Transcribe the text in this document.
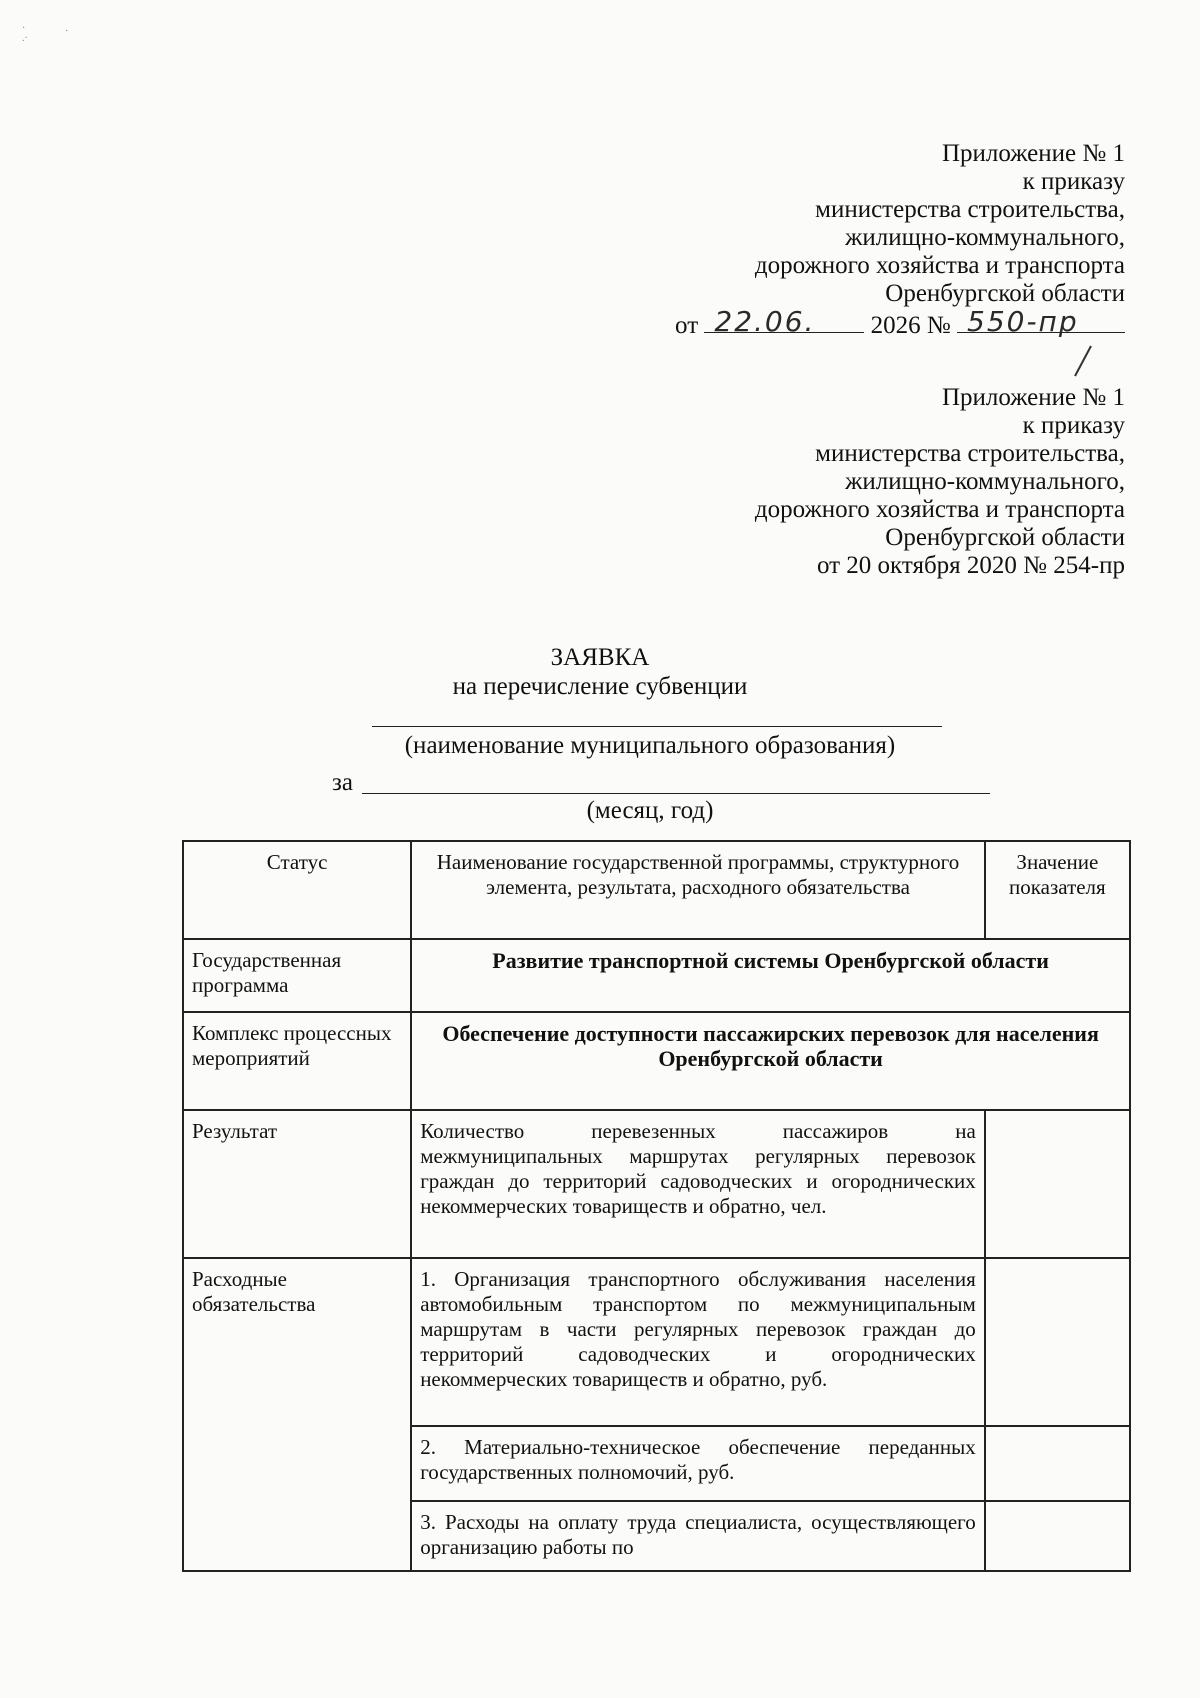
·                .
.·
Приложение № 1
к приказу
министерства строительства,
жилищно-коммунального,
дорожного хозяйства и транспорта
Оренбургской области
от 22.06. 2026 № 550-пр
Приложение № 1
к приказу
министерства строительства,
жилищно-коммунального,
дорожного хозяйства и транспорта
Оренбургской области
от 20 октября 2020 № 254-пр
ЗАЯВКА
на перечисление субвенции
(наименование муниципального образования)
за
(месяц, год)
Статус	Наименование государственной программы, структурного элемента, результата, расходного обязательства	Значение показателя
Государственная программа	Развитие транспортной системы Оренбургской области	
Комплекс процессных мероприятий	Обеспечение доступности пассажирских перевозок для населения Оренбургской области	
Результат	Количество перевезенных пассажиров на межмуниципальных маршрутах регулярных перевозок граждан до территорий садоводческих и огороднических некоммерческих товариществ и обратно, чел.	
Расходные обязательства	1. Организация транспортного обслуживания населения автомобильным транспортом по межмуниципальным маршрутам в части регулярных перевозок граждан до территорий садоводческих и огороднических некоммерческих товариществ и обратно, руб.	
	2. Материально-техническое обеспечение переданных государственных полномочий, руб.	
	3. Расходы на оплату труда специалиста, осуществляющего организацию работы по	
